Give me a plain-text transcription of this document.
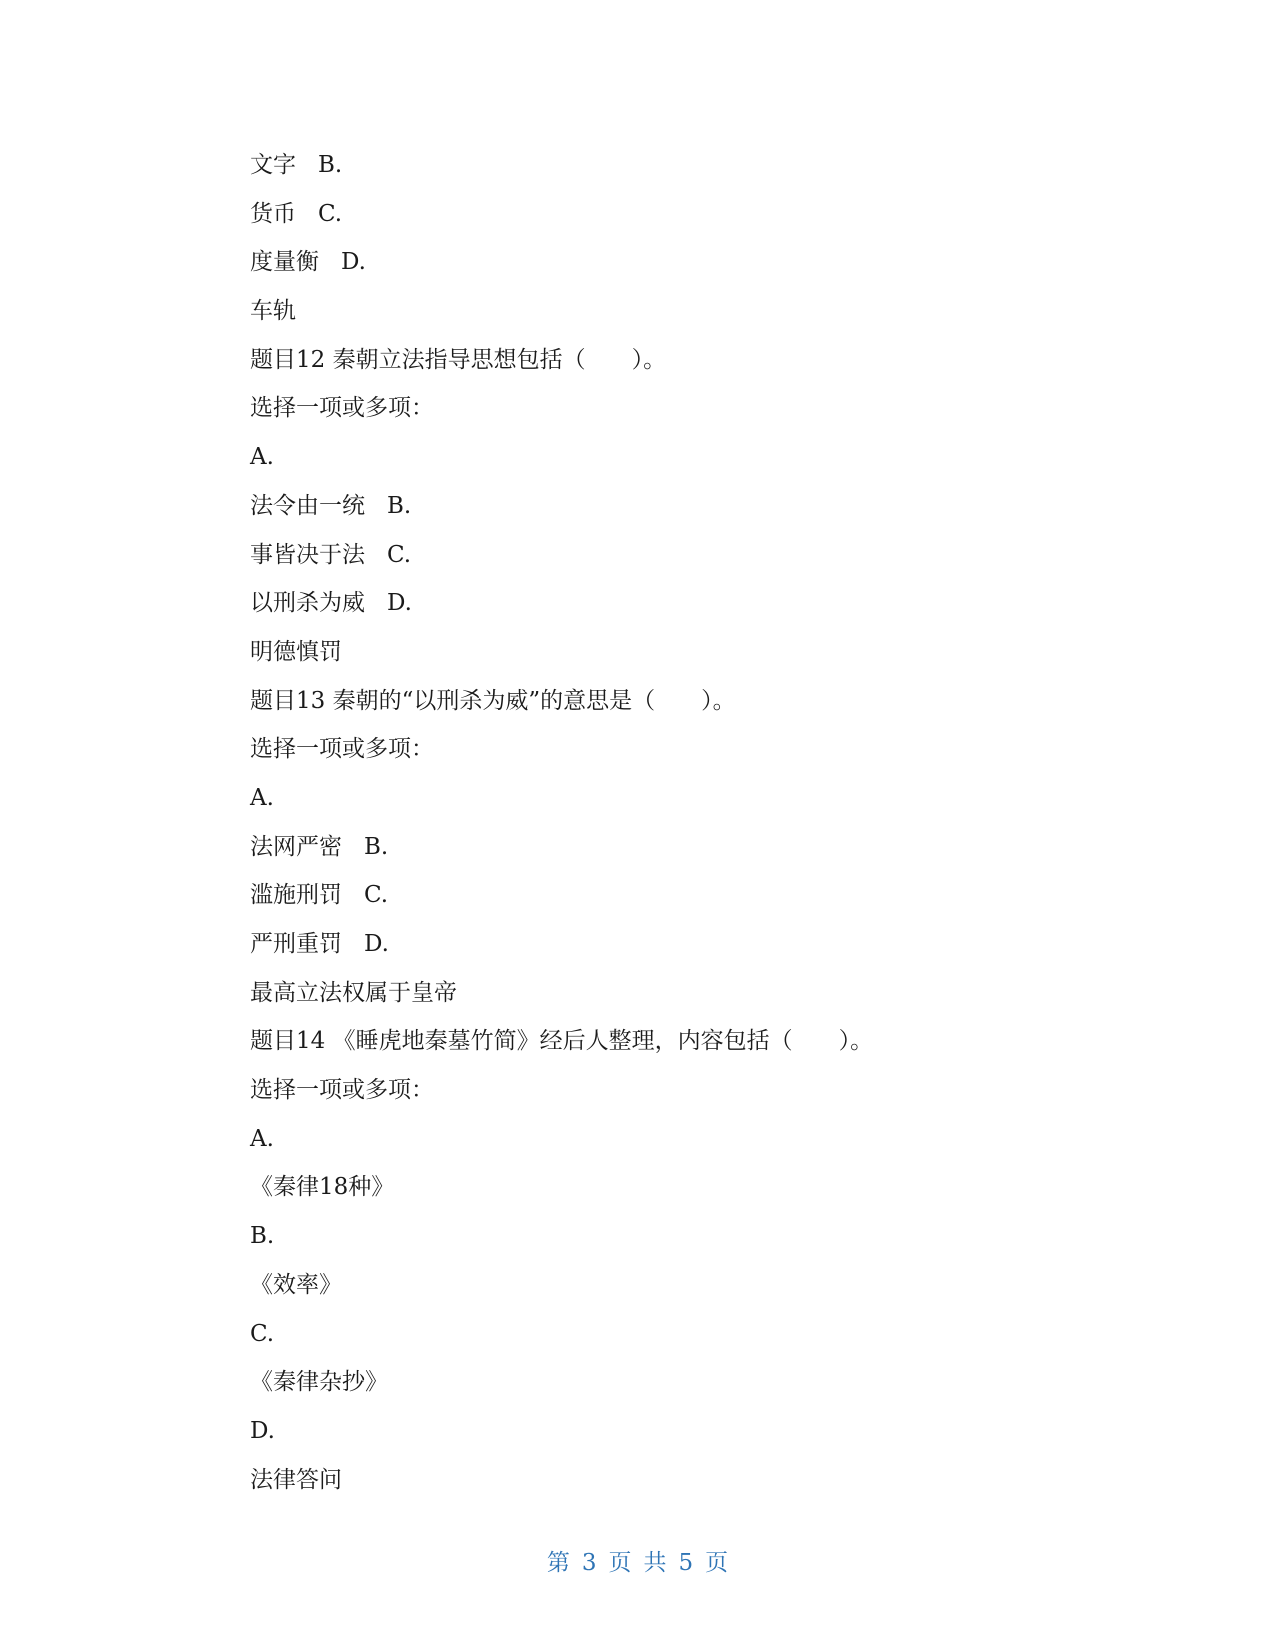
文字 B.
货币 C.
度量衡 D.
车轨
题目12 秦朝立法指导思想包括（　　）。
选择一项或多项：
A.
法令由一统 B.
事皆决于法 C.
以刑杀为威 D.
明德慎罚
题目13 秦朝的“以刑杀为威”的意思是（　　）。
选择一项或多项：
A.
法网严密 B.
滥施刑罚 C.
严刑重罚 D.
最高立法权属于皇帝
题目14 《睡虎地秦墓竹简》经后人整理，内容包括（　　）。
选择一项或多项：
A.
《秦律18种》
B.
《效率》
C.
《秦律杂抄》
D.
法律答问
第 3 页 共 5 页
